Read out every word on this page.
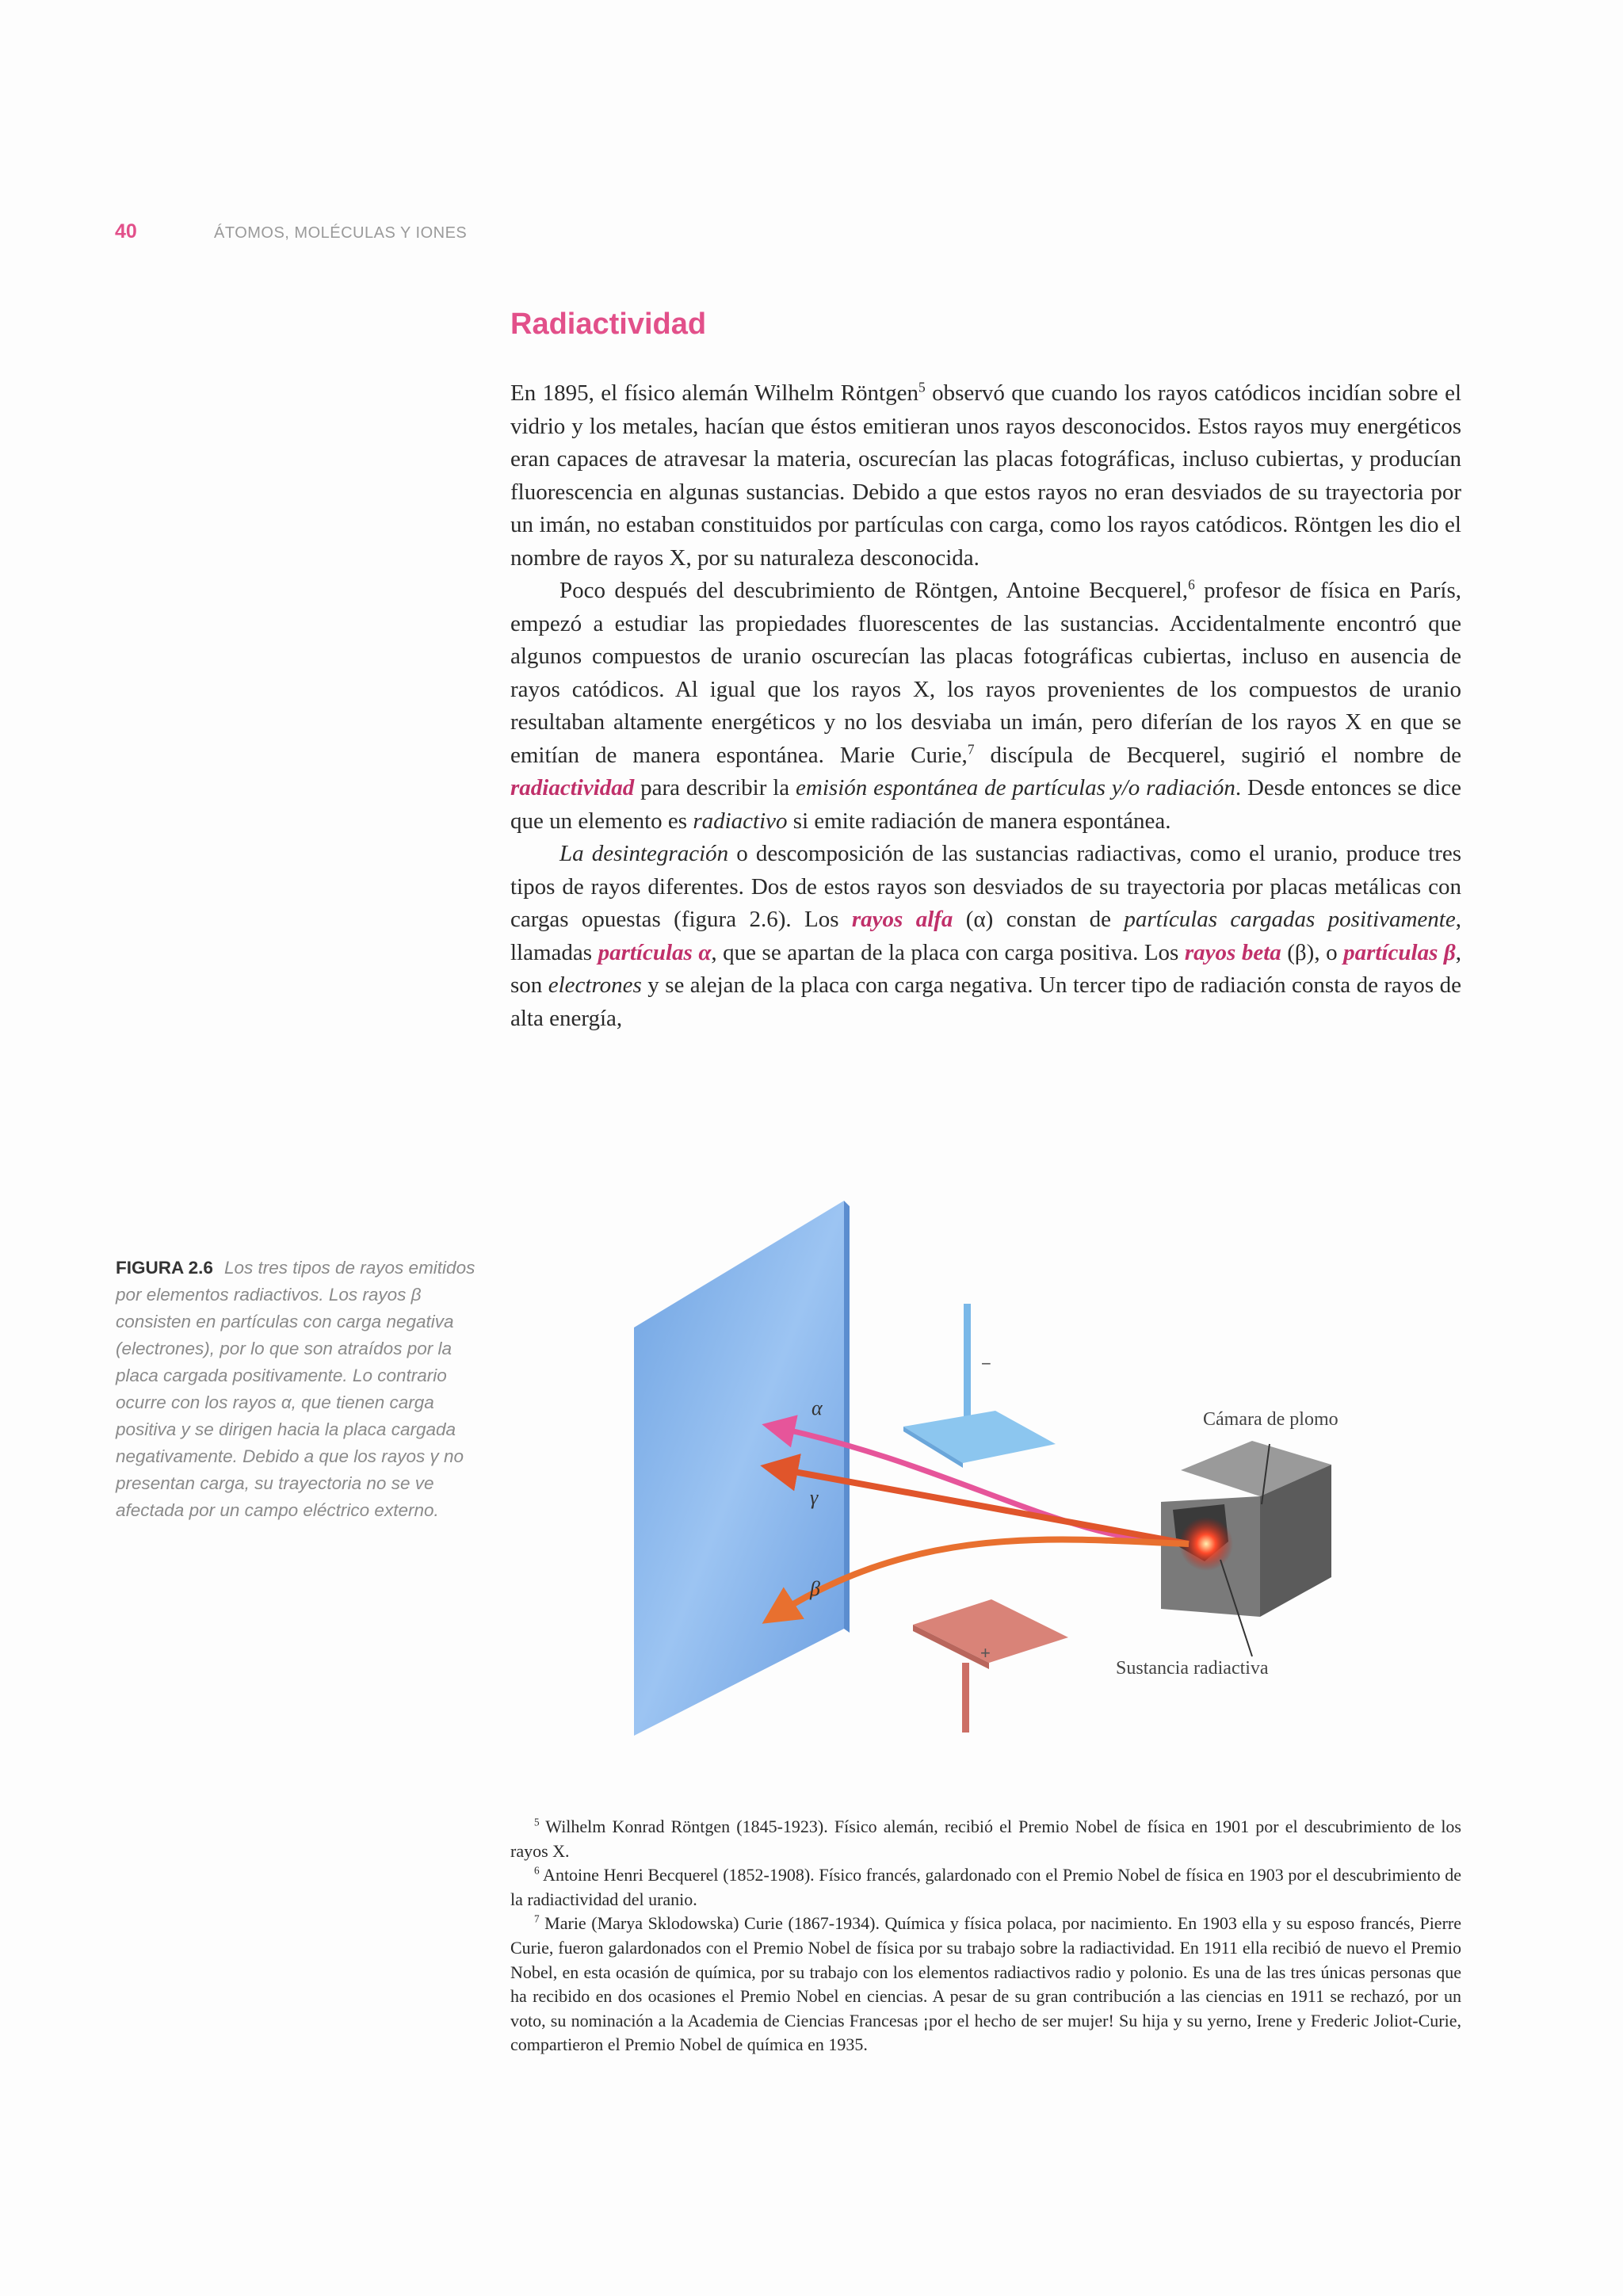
40	ÁTOMOS, MOLÉCULAS Y IONES
Radiactividad

En 1895, el físico alemán Wilhelm Röntgen$^5$ observó que cuando los rayos catódicos incidían sobre el vidrio y los metales, hacían que éstos emitieran unos rayos desconocidos. Estos rayos muy energéticos eran capaces de atravesar la materia, oscurecían las placas fotográficas, incluso cubiertas, y producían fluorescencia en algunas sustancias. Debido a que estos rayos no eran desviados de su trayectoria por un imán, no estaban constituidos por partículas con carga, como los rayos catódicos. Röntgen les dio el nombre de rayos X, por su naturaleza desconocida.

Poco después del descubrimiento de Röntgen, Antoine Becquerel,$^6$ profesor de física en París, empezó a estudiar las propiedades fluorescentes de las sustancias. Accidentalmente encontró que algunos compuestos de uranio oscurecían las placas fotográficas cubiertas, incluso en ausencia de rayos catódicos. Al igual que los rayos X, los rayos provenientes de los compuestos de uranio resultaban altamente energéticos y no los desviaba un imán, pero diferían de los rayos X en que se emitían de manera espontánea. Marie Curie,$^7$ discípula de Becquerel, sugirió el nombre de radiactividad para describir la emisión espontánea de partículas y/o radiación. Desde entonces se dice que un elemento es radiactivo si emite radiación de manera espontánea.

La desintegración o descomposición de las sustancias radiactivas, como el uranio, produce tres tipos de rayos diferentes. Dos de estos rayos son desviados de su trayectoria por placas metálicas con cargas opuestas (figura 2.6). Los rayos alfa (α) constan de partículas cargadas positivamente, llamadas partículas α, que se apartan de la placa con carga positiva. Los rayos beta (β), o partículas β, son electrones y se alejan de la placa con carga negativa. Un tercer tipo de radiación consta de rayos de alta energía,

FIGURA 2.6 Los tres tipos de rayos emitidos por elementos radiactivos. Los rayos β consisten en partículas con carga negativa (electrones), por lo que son atraídos por la placa cargada positivamente. Lo contrario ocurre con los rayos α, que tienen carga positiva y se dirigen hacia la placa cargada negativamente. Debido a que los rayos γ no presentan carga, su trayectoria no se ve afectada por un campo eléctrico externo.
α
γ
β
−
+
Cámara de plomo
Sustancia radiactiva

$^5$ Wilhelm Konrad Röntgen (1845-1923). Físico alemán, recibió el Premio Nobel de física en 1901 por el descubrimiento de los rayos X.

$^6$ Antoine Henri Becquerel (1852-1908). Físico francés, galardonado con el Premio Nobel de física en 1903 por el descubrimiento de la radiactividad del uranio.

$^7$ Marie (Marya Sklodowska) Curie (1867-1934). Química y física polaca, por nacimiento. En 1903 ella y su esposo francés, Pierre Curie, fueron galardonados con el Premio Nobel de física por su trabajo sobre la radiactividad. En 1911 ella recibió de nuevo el Premio Nobel, en esta ocasión de química, por su trabajo con los elementos radiactivos radio y polonio. Es una de las tres únicas personas que ha recibido en dos ocasiones el Premio Nobel en ciencias. A pesar de su gran contribución a las ciencias en 1911 se rechazó, por un voto, su nominación a la Academia de Ciencias Francesas ¡por el hecho de ser mujer! Su hija y su yerno, Irene y Frederic Joliot-Curie, compartieron el Premio Nobel de química en 1935.
